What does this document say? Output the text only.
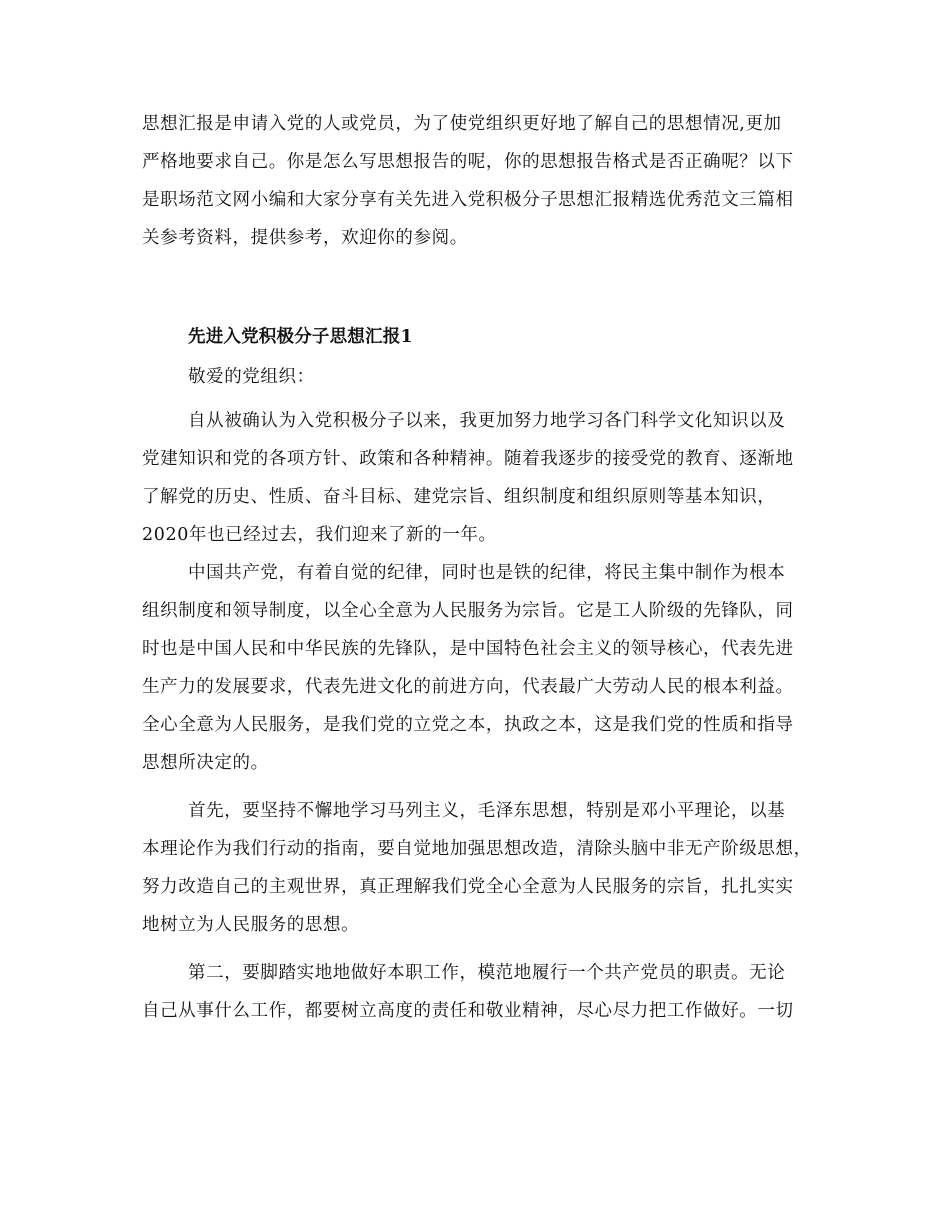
思想汇报是申请入党的人或党员，为了使党组织更好地了解自己的思想情况,更加
严格地要求自己。你是怎么写思想报告的呢，你的思想报告格式是否正确呢？以下
是职场范文网小编和大家分享有关先进入党积极分子思想汇报精选优秀范文三篇相
关参考资料，提供参考，欢迎你的参阅。
先进入党积极分子思想汇报1
敬爱的党组织：
自从被确认为入党积极分子以来，我更加努力地学习各门科学文化知识以及
党建知识和党的各项方针、政策和各种精神。随着我逐步的接受党的教育、逐渐地
了解党的历史、性质、奋斗目标、建党宗旨、组织制度和组织原则等基本知识，
2020年也已经过去，我们迎来了新的一年。
中国共产党，有着自觉的纪律，同时也是铁的纪律，将民主集中制作为根本
组织制度和领导制度，以全心全意为人民服务为宗旨。它是工人阶级的先锋队，同
时也是中国人民和中华民族的先锋队，是中国特色社会主义的领导核心，代表先进
生产力的发展要求，代表先进文化的前进方向，代表最广大劳动人民的根本利益。
全心全意为人民服务，是我们党的立党之本，执政之本，这是我们党的性质和指导
思想所决定的。
首先，要坚持不懈地学习马列主义，毛泽东思想，特别是邓小平理论，以基
本理论作为我们行动的指南，要自觉地加强思想改造，清除头脑中非无产阶级思想，
努力改造自己的主观世界，真正理解我们党全心全意为人民服务的宗旨，扎扎实实
地树立为人民服务的思想。
第二，要脚踏实地地做好本职工作，模范地履行一个共产党员的职责。无论
自己从事什么工作，都要树立高度的责任和敬业精神，尽心尽力把工作做好。一切
